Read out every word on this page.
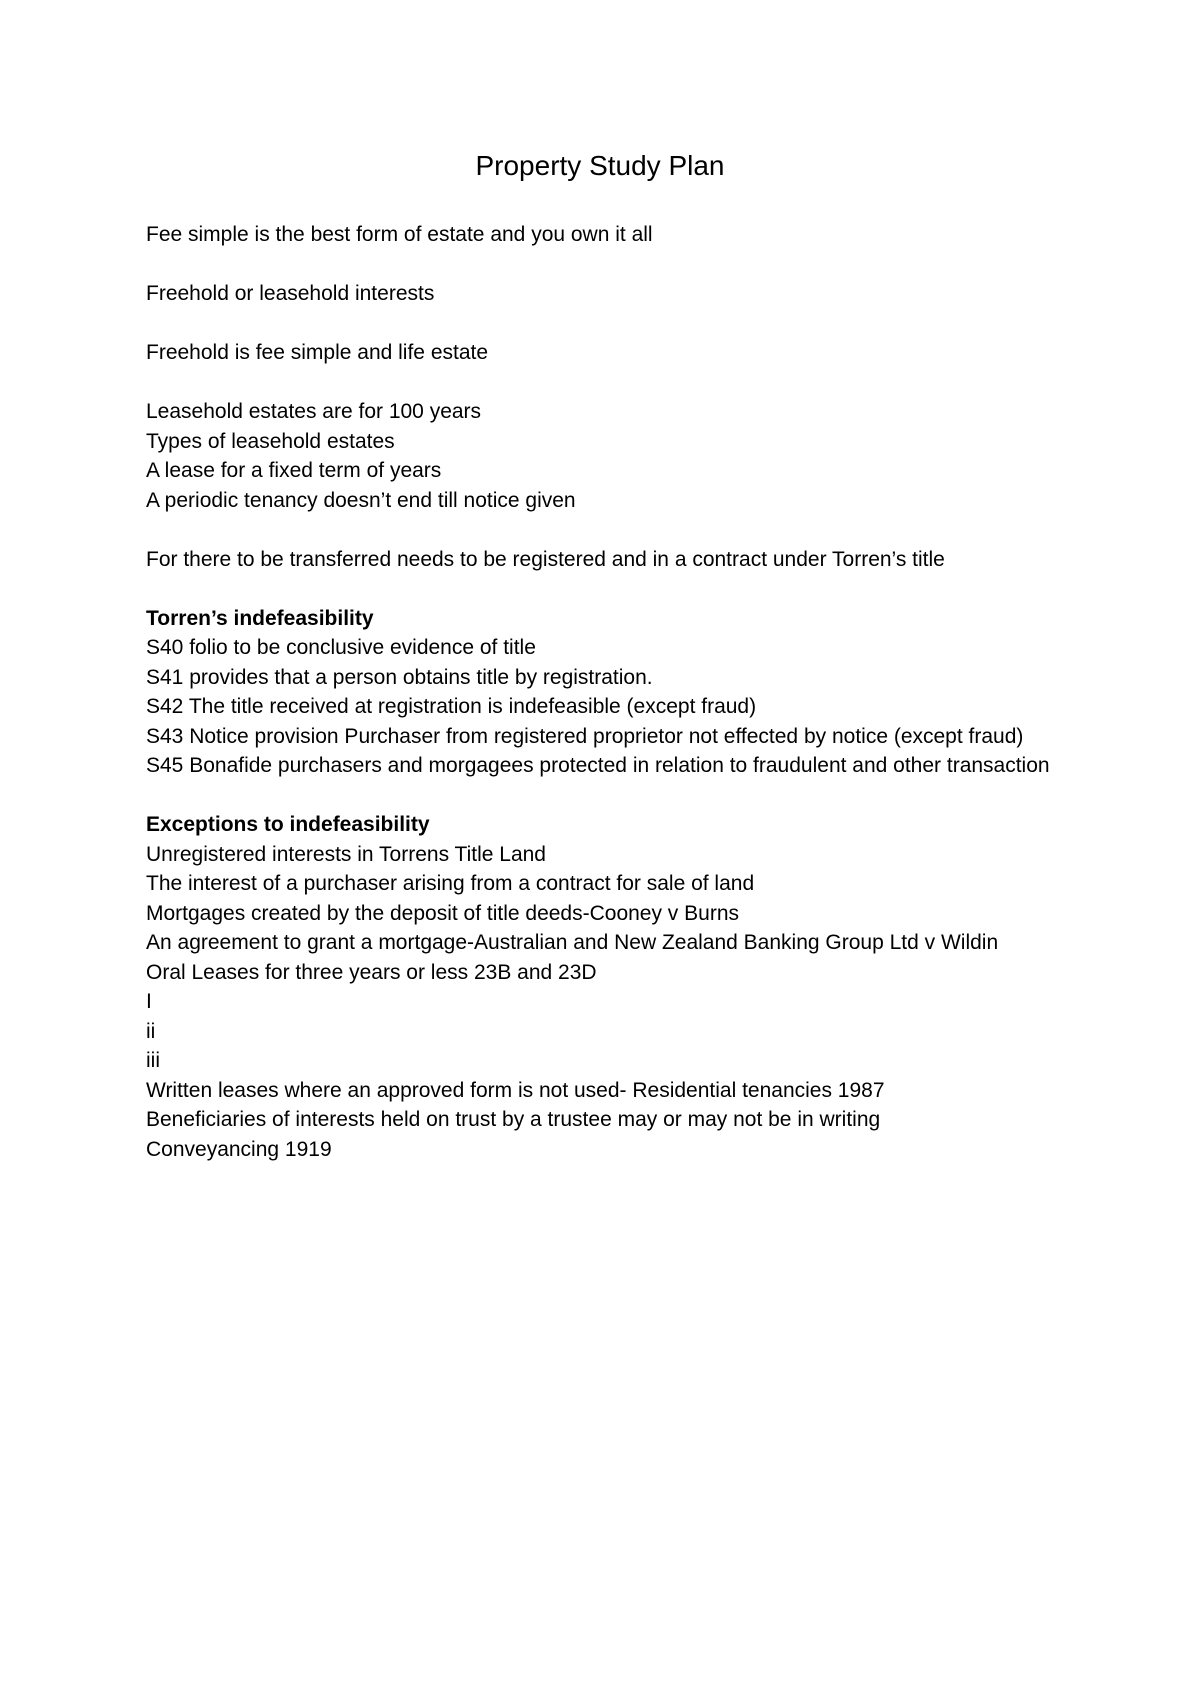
Property Study Plan

Fee simple is the best form of estate and you own it all

Freehold or leasehold interests

Freehold is fee simple and life estate

Leasehold estates are for 100 years

Types of leasehold estates

A lease for a fixed term of years

A periodic tenancy doesn’t end till notice given

For there to be transferred needs to be registered and in a contract under Torren’s title

Torren’s indefeasibility

S40 folio to be conclusive evidence of title

S41 provides that a person obtains title by registration.

S42 The title received at registration is indefeasible (except fraud)

S43 Notice provision Purchaser from registered proprietor not effected by notice (except fraud)

S45 Bonafide purchasers and morgagees protected in relation to fraudulent and other transaction

Exceptions to indefeasibility

Unregistered interests in Torrens Title Land

The interest of a purchaser arising from a contract for sale of land

Mortgages created by the deposit of title deeds-Cooney v Burns

An agreement to grant a mortgage-Australian and New Zealand Banking Group Ltd v Wildin

Oral Leases for three years or less 23B and 23D

I

ii

iii

Written leases where an approved form is not used- Residential tenancies 1987

Beneficiaries of interests held on trust by a trustee may or may not be in writing

Conveyancing 1919
